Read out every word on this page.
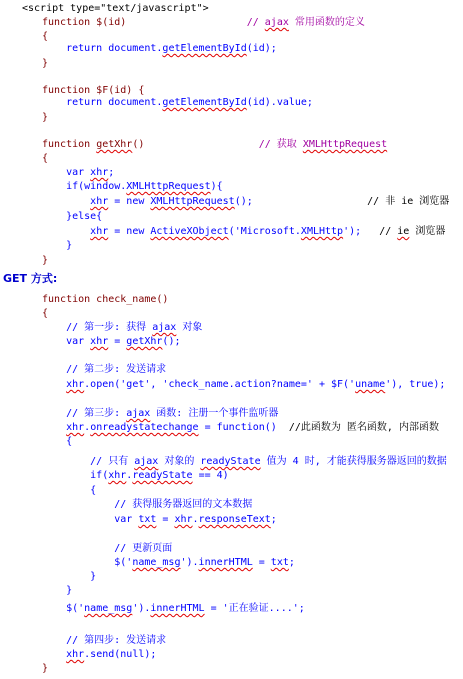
<script type="text/javascript">
function $(id)                    // ajax 常用函数的定义
{
return document.getElementById(id);
}
function $F(id) {
return document.getElementById(id).value;
}
function getXhr()                   // 获取 XMLHttpRequest
{
var xhr;
if(window.XMLHttpRequest){
xhr = new XMLHttpRequest();                   // 非 ie 浏览器
}else{
xhr = new ActiveXObject('Microsoft.XMLHttp');   // ie 浏览器
}
}
GET 方式:
function check_name()
{
// 第一步: 获得 ajax 对象
var xhr = getXhr();
// 第二步: 发送请求
xhr.open('get', 'check_name.action?name=' + $F('uname'), true);
// 第三步: ajax 函数: 注册一个事件监听器
xhr.onreadystatechange = function()  //此函数为 匿名函数, 内部函数
{
// 只有 ajax 对象的 readyState 值为 4 时, 才能获得服务器返回的数据
if(xhr.readyState == 4)
{
// 获得服务器返回的文本数据
var txt = xhr.responseText;
// 更新页面
$('name_msg').innerHTML = txt;
}
}
$('name_msg').innerHTML = '正在验证....';
// 第四步: 发送请求
xhr.send(null);
}
